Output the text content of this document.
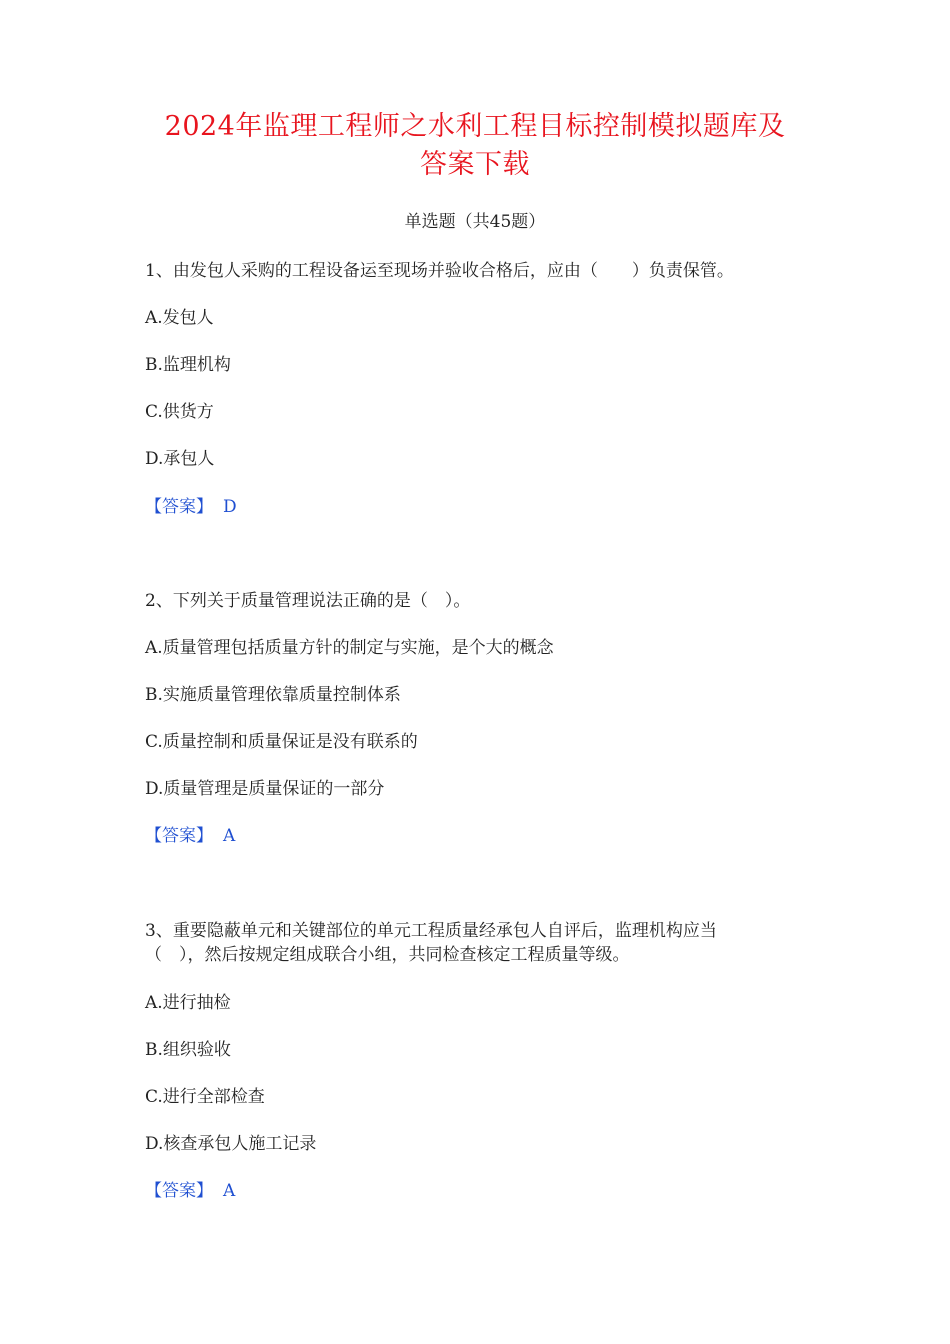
2024年监理工程师之水利工程目标控制模拟题库及
答案下载
单选题（共45题）
1、由发包人采购的工程设备运至现场并验收合格后，应由（　　）负责保管。
A.发包人
B.监理机构
C.供货方
D.承包人
【答案】 D
2、下列关于质量管理说法正确的是（　）。
A.质量管理包括质量方针的制定与实施，是个大的概念
B.实施质量管理依靠质量控制体系
C.质量控制和质量保证是没有联系的
D.质量管理是质量保证的一部分
【答案】 A
3、重要隐蔽单元和关键部位的单元工程质量经承包人自评后，监理机构应当
（　），然后按规定组成联合小组，共同检查核定工程质量等级。
A.进行抽检
B.组织验收
C.进行全部检查
D.核查承包人施工记录
【答案】 A
